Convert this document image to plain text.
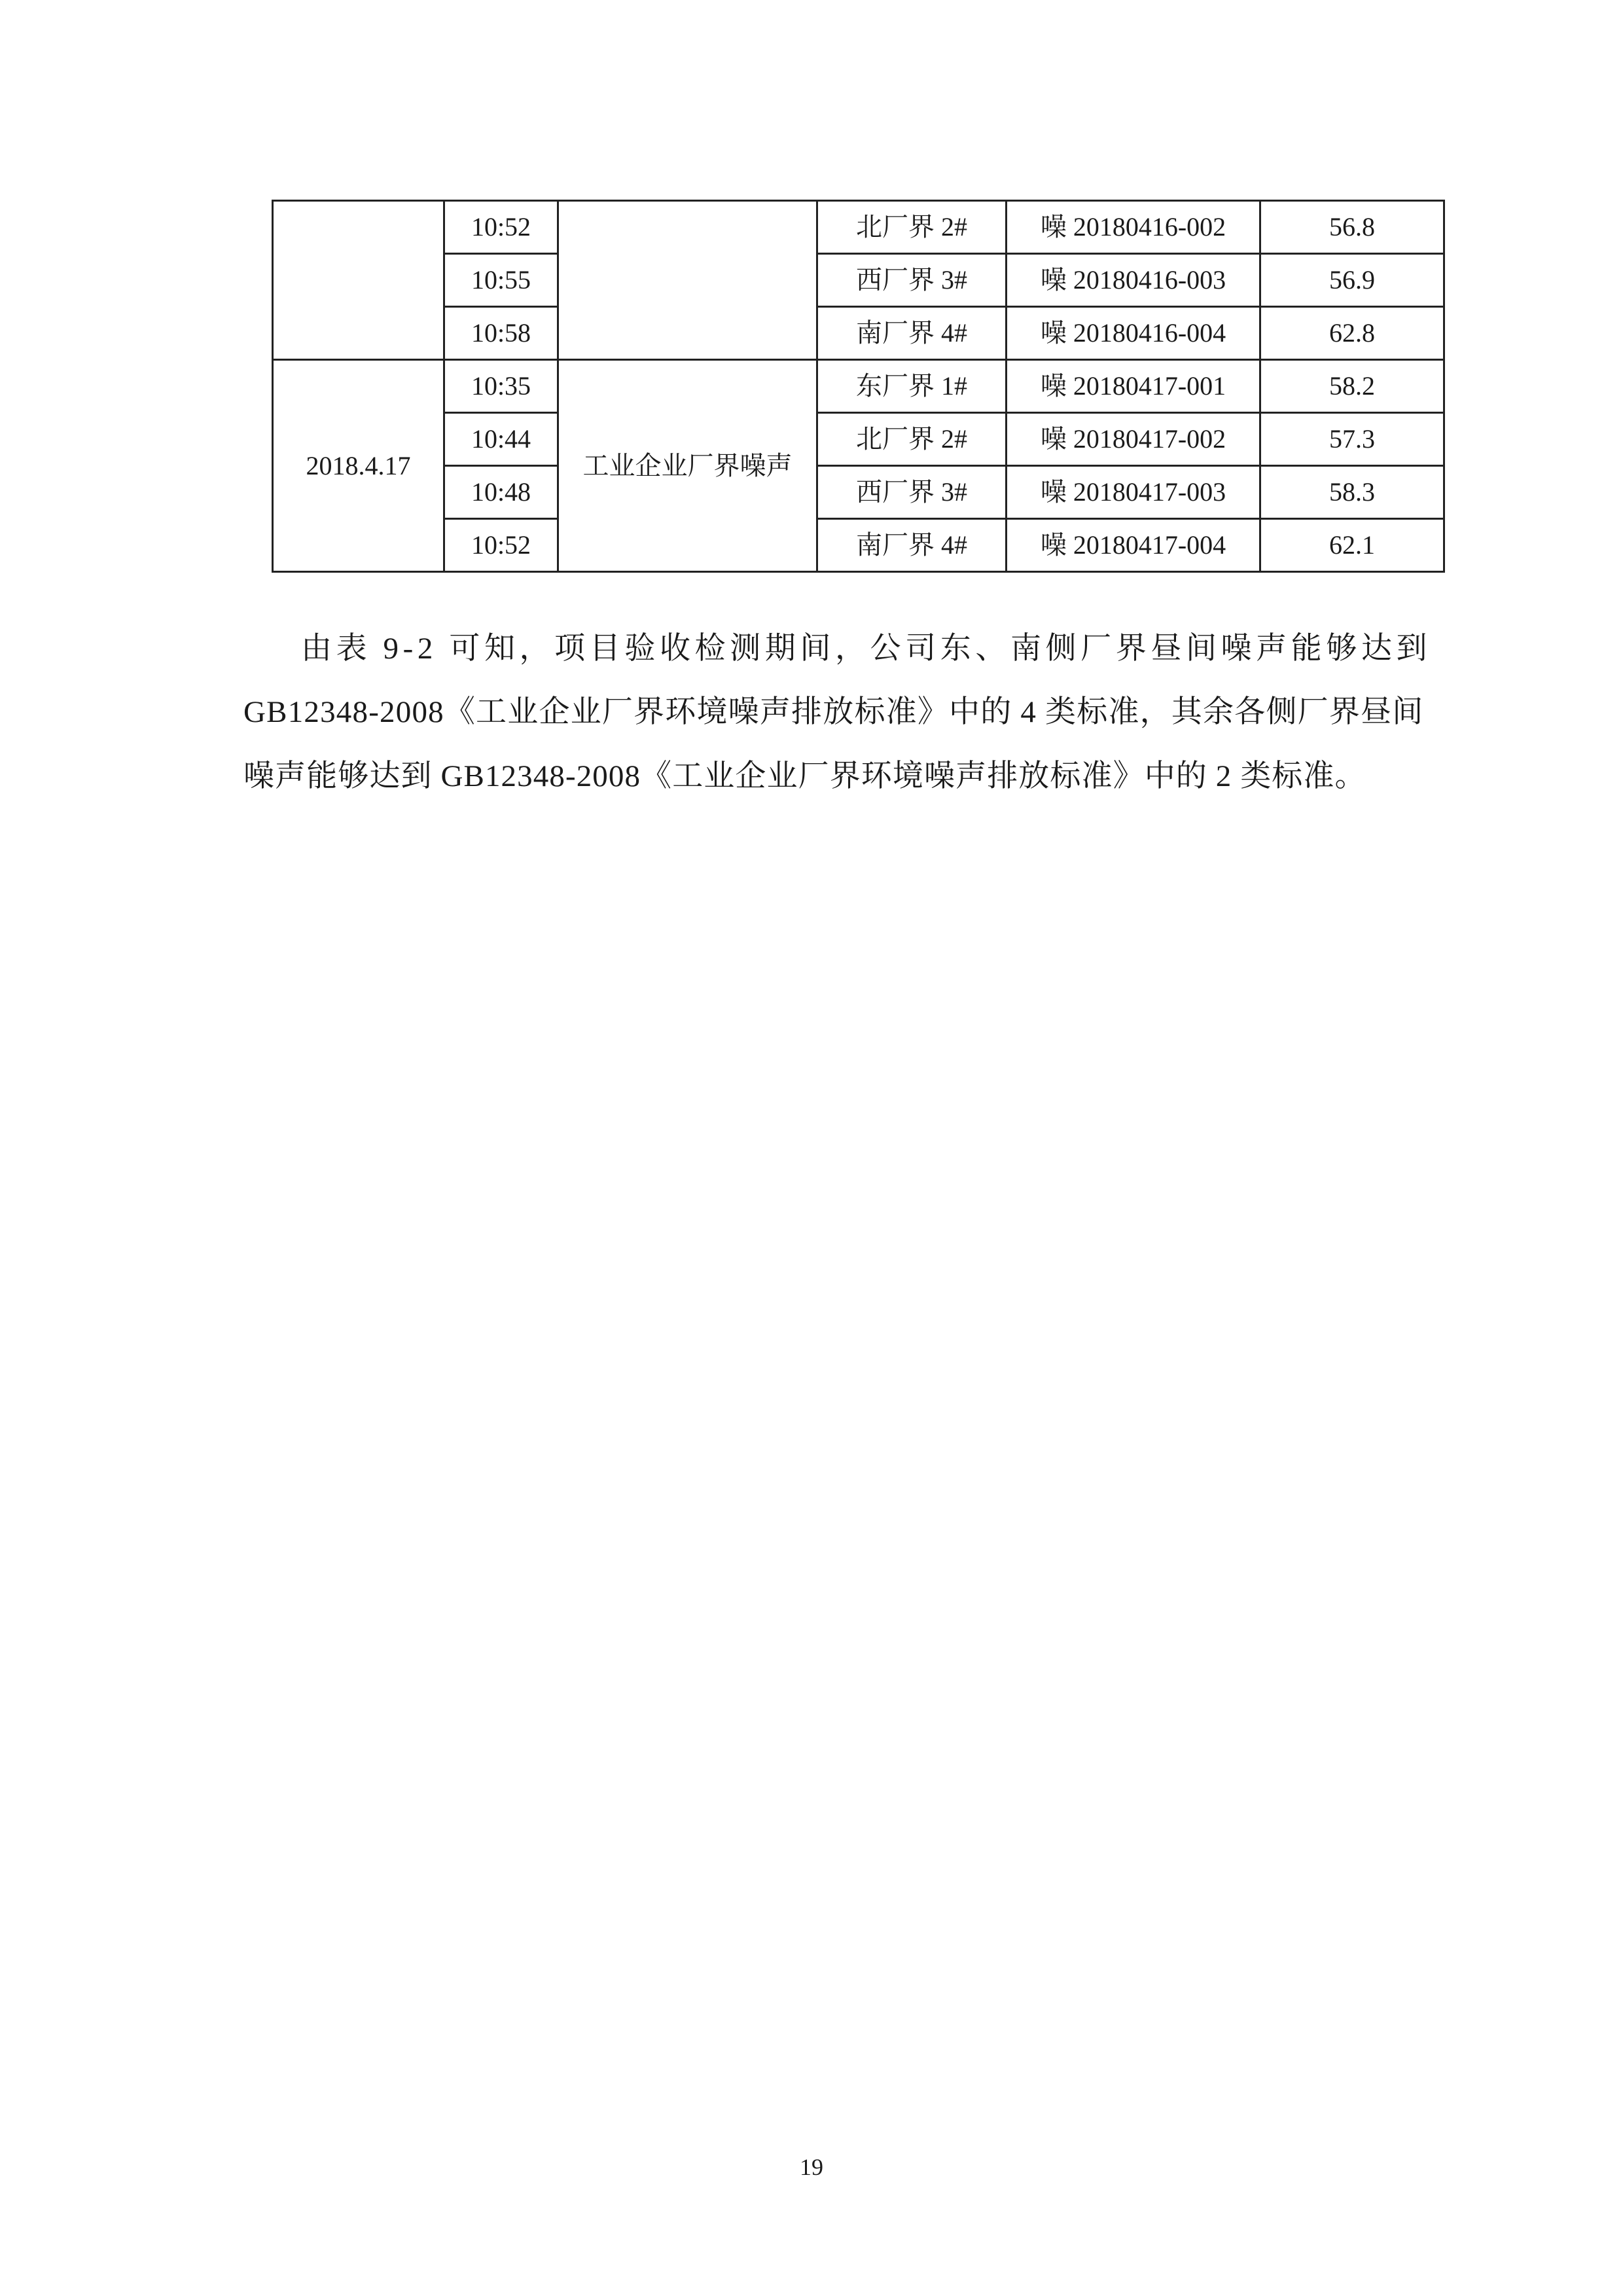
	10:52		北厂界 2#	噪 20180416-002	56.8
	10:55		西厂界 3#	噪 20180416-003	56.9
	10:58		南厂界 4#	噪 20180416-004	62.8
2018.4.17	10:35	工业企业厂界噪声	东厂界 1#	噪 20180417-001	58.2
	10:44		北厂界 2#	噪 20180417-002	57.3
	10:48		西厂界 3#	噪 20180417-003	58.3
	10:52		南厂界 4#	噪 20180417-004	62.1

由表 9-2 可知，项目验收检测期间，公司东、南侧厂界昼间噪声能够达到

GB12348-2008《工业企业厂界环境噪声排放标准》中的 4 类标准，其余各侧厂界昼间

噪声能够达到 GB12348-2008《工业企业厂界环境噪声排放标准》中的 2 类标准。

19
